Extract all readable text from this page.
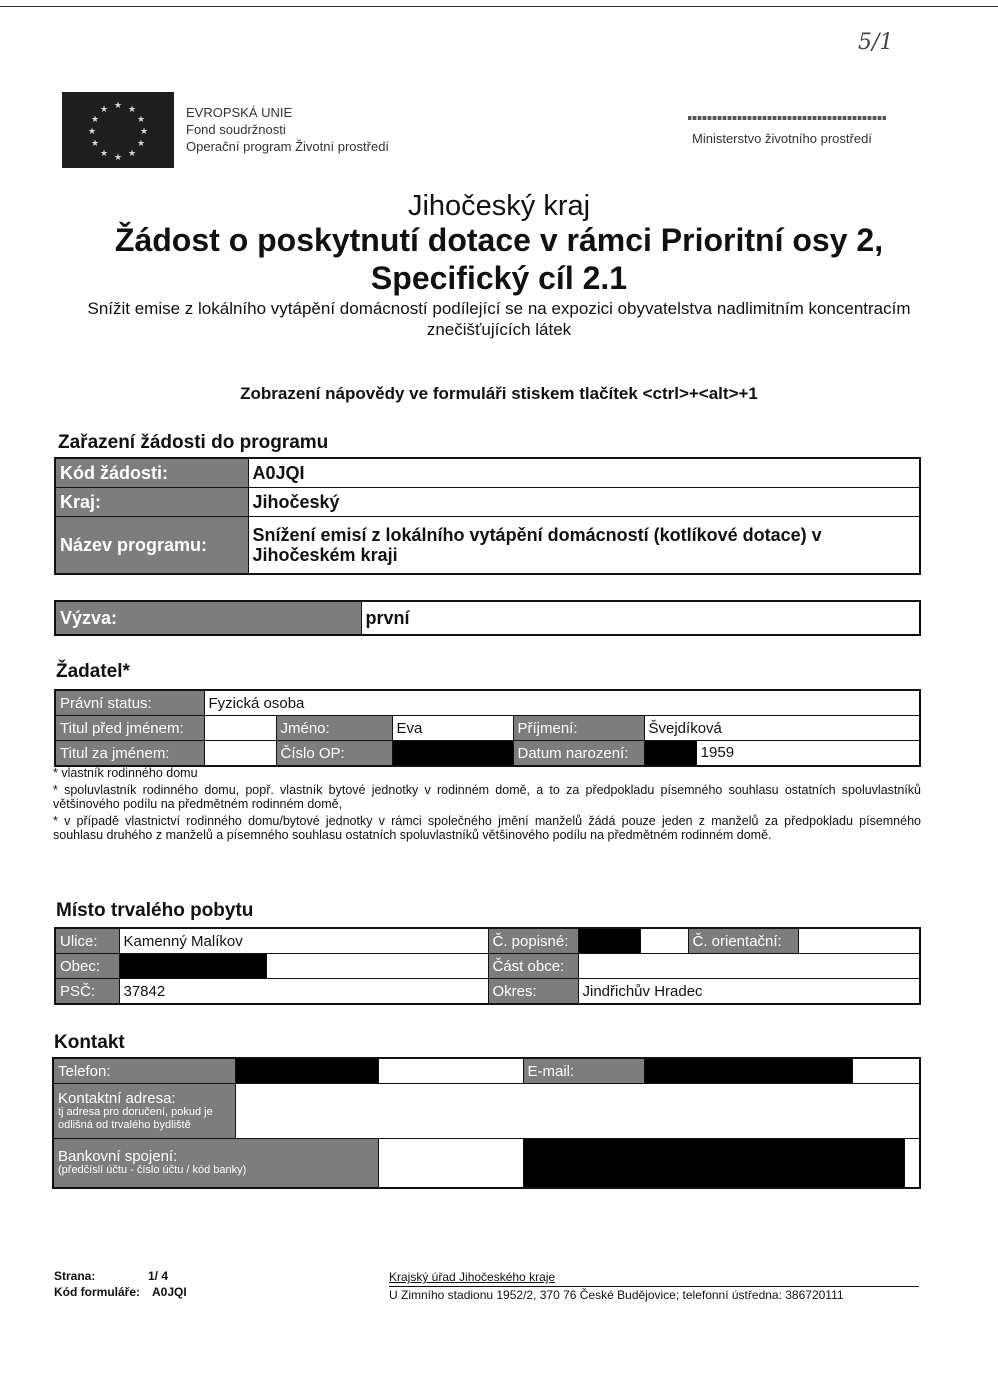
5/1
★ ★
★
★
★
★
★
★
★
★
★
★	EVROPSKÁ UNIE
Fond soudržnosti
Operační program Životní prostředí
Ministerstvo životního prostředí
Jihočeský kraj
Žádost o poskytnutí dotace v rámci Prioritní osy 2,
Specifický cíl 2.1
Snížit emise z lokálního vytápění domácností podílející se na expozici obyvatelstva nadlimitním koncentracím znečišťujících látek
Zobrazení nápovědy ve formuláři stiskem tlačítek <ctrl>+<alt>+1
Zařazení žádosti do programu
Kód žádosti:	A0JQI
Kraj:	Jihočeský
Název programu:	Snížení emisí z lokálního vytápění domácností (kotlíkové dotace) v Jihočeském kraji
Výzva:	první
Žadatel*
Právní status:	Fyzická osoba				
Titul před jménem:		Jméno:	Eva	Příjmení:	Švejdíková
Titul za jménem:		Číslo OP:		Datum narození:	1959

* vlastník rodinného domu

* spoluvlastník rodinného domu, popř. vlastník bytové jednotky v rodinném domě, a to za předpokladu písemného souhlasu ostatních spoluvlastníků většinového podílu na předmětném rodinném domě,

* v případě vlastnictví rodinného domu/bytové jednotky v rámci společného jmění manželů žádá pouze jeden z manželů za předpokladu písemného souhlasu druhého z manželů a písemného souhlasu ostatních spoluvlastníků většinového podílu na předmětném rodinném domě.

Místo trvalého pobytu
Ulice:	Kamenný Malíkov		Č. popisné:			Č. orientační:	
Obec:			Část obce:				
PSČ:	37842		Okres:	Jindřichův Hradec			
Kontakt
Telefon:			E-mail:			
Kontaktní adresa:
tj adresa pro doručení, pokud je odlišná od trvalého bydliště						

Bankovní spojení:
(předčíslí účtu - číslo účtu / kód banky)						

Strana:	1/ 4
Kód formuláře: A0JQI
Krajský úřad Jihočeského kraje
U Zimního stadionu 1952/2, 370 76 České Budějovice; telefonní ústředna: 386720111
